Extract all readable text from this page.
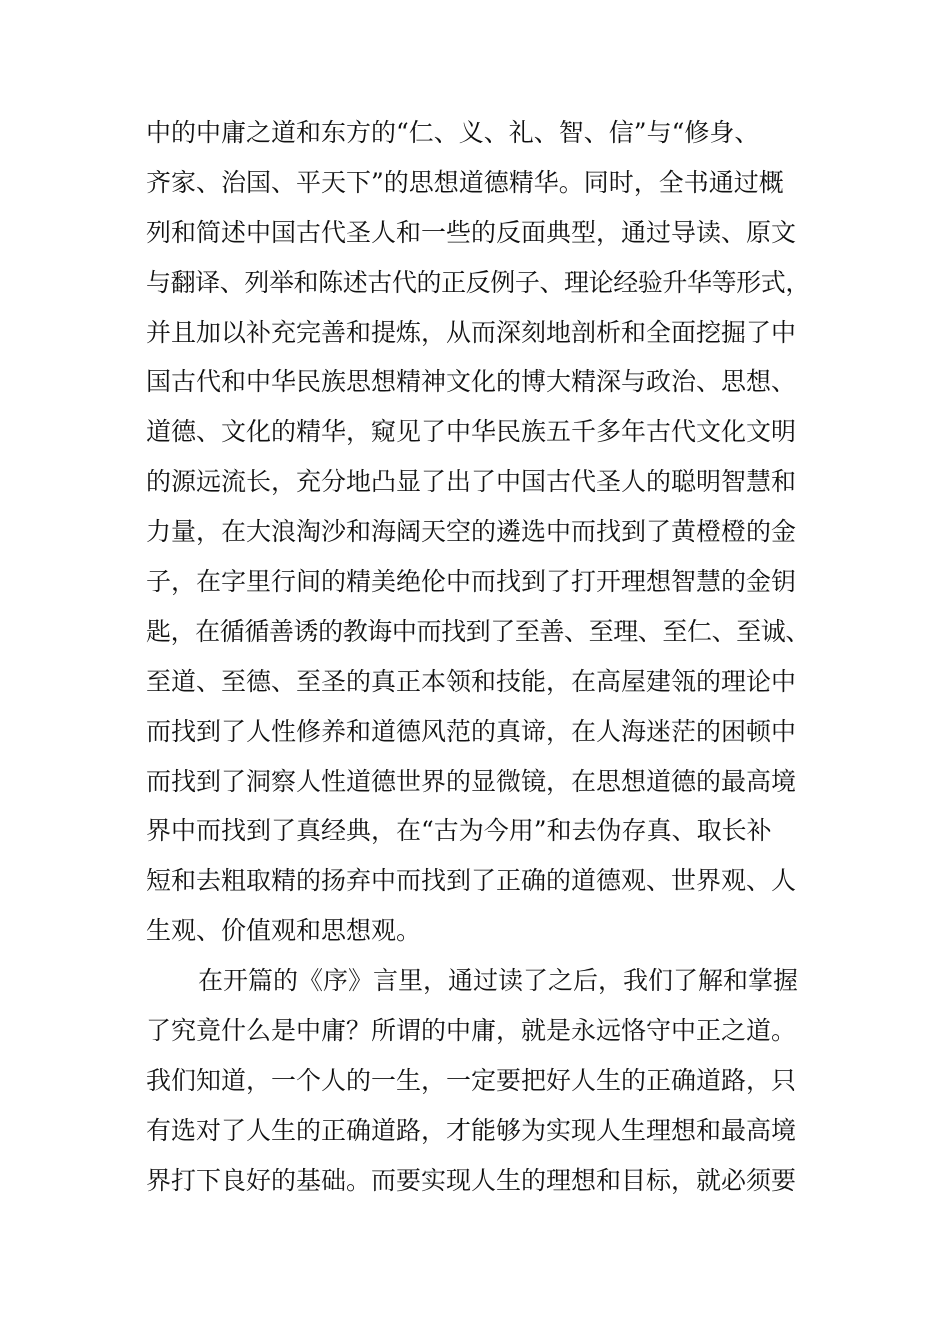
中的中庸之道和东方的“仁、义、礼、智、信”与“修身、
齐家、治国、平天下”的思想道德精华。同时，全书通过概
列和简述中国古代圣人和一些的反面典型，通过导读、原文
与翻译、列举和陈述古代的正反例子、理论经验升华等形式，
并且加以补充完善和提炼，从而深刻地剖析和全面挖掘了中
国古代和中华民族思想精神文化的博大精深与政治、思想、
道德、文化的精华，窥见了中华民族五千多年古代文化文明
的源远流长，充分地凸显了出了中国古代圣人的聪明智慧和
力量，在大浪淘沙和海阔天空的遴选中而找到了黄橙橙的金
子，在字里行间的精美绝伦中而找到了打开理想智慧的金钥
匙，在循循善诱的教诲中而找到了至善、至理、至仁、至诚、
至道、至德、至圣的真正本领和技能，在高屋建瓴的理论中
而找到了人性修养和道德风范的真谛，在人海迷茫的困顿中
而找到了洞察人性道德世界的显微镜，在思想道德的最高境
界中而找到了真经典，在“古为今用”和去伪存真、取长补
短和去粗取精的扬弃中而找到了正确的道德观、世界观、人
生观、价值观和思想观。
在开篇的《序》言里，通过读了之后，我们了解和掌握
了究竟什么是中庸？所谓的中庸，就是永远恪守中正之道。
我们知道，一个人的一生，一定要把好人生的正确道路，只
有选对了人生的正确道路，才能够为实现人生理想和最高境
界打下良好的基础。而要实现人生的理想和目标，就必须要
